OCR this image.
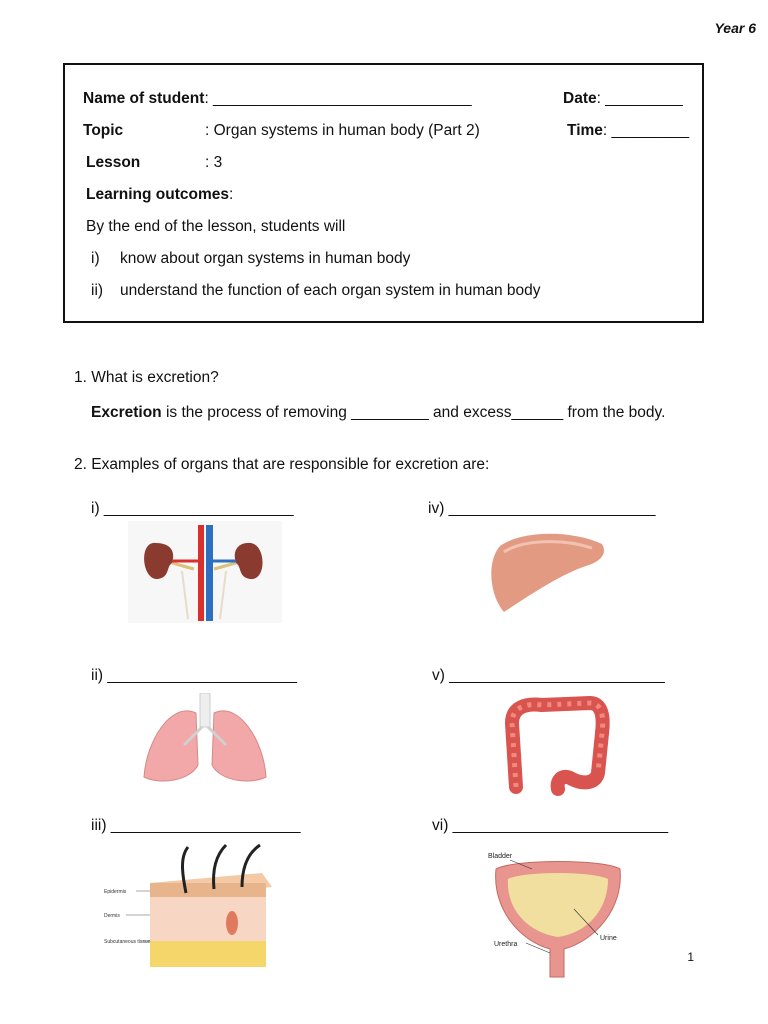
Year 6
Name of student: ______________________________	Date: _________
Topic	: Organ systems in human body (Part 2)	Time: _________
Lesson	: 3
Learning outcomes:
By the end of the lesson, students will
i) know about organ systems in human body
ii) understand the function of each organ system in human body
1. What is excretion?
Excretion is the process of removing _________ and excess______ from the body.
2. Examples of organs that are responsible for excretion are:
i) ______________________	iv) ________________________
ii) ______________________	v) _________________________
iii) ______________________	vi) _________________________
Epidermis
Dermis
Subcutaneous tissue
Bladder
Urine
Urethra
1
